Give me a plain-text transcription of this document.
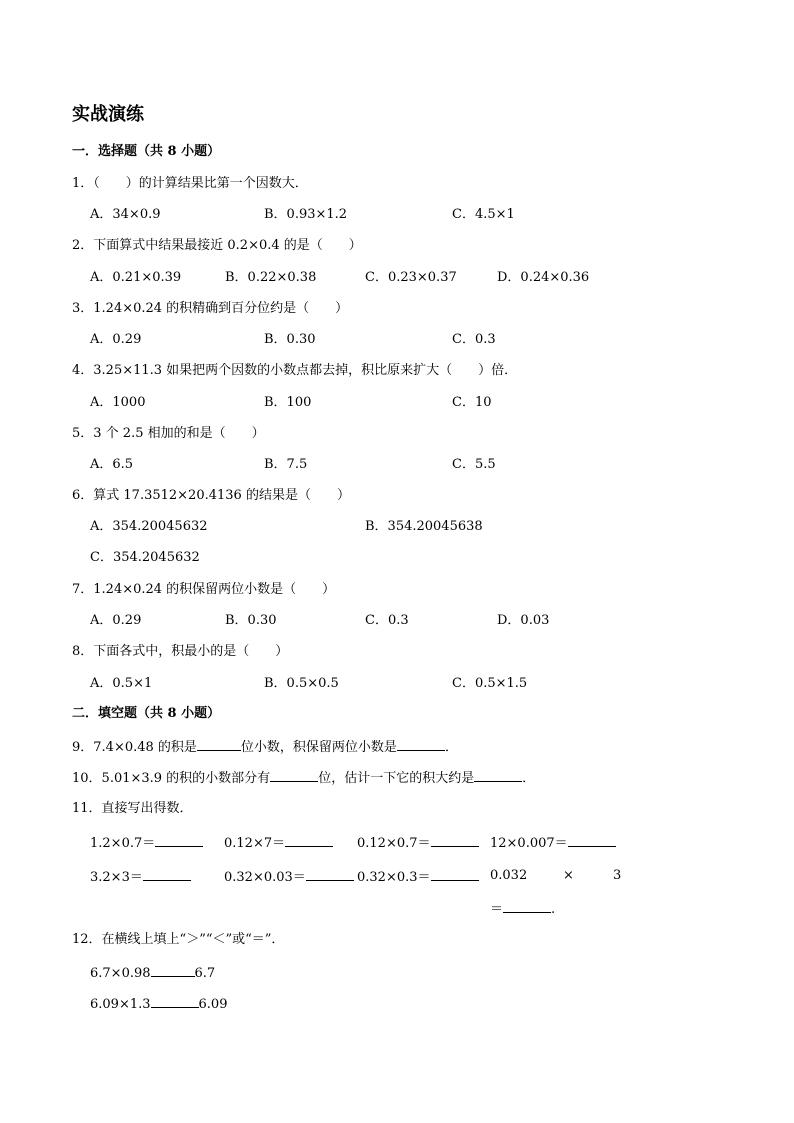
实战演练
一．选择题（共 8 小题）
1．（　　）的计算结果比第一个因数大．
A．34×0.9	B．0.93×1.2	C．4.5×1
2．下面算式中结果最接近 0.2×0.4 的是（　　）
A．0.21×0.39	B．0.22×0.38	C．0.23×0.37	D．0.24×0.36
3．1.24×0.24 的积精确到百分位约是（　　）
A．0.29	B．0.30	C．0.3
4．3.25×11.3 如果把两个因数的小数点都去掉，积比原来扩大（　　）倍．
A．1000	B．100	C．10
5．3 个 2.5 相加的和是（　　）
A．6.5	B．7.5	C．5.5
6．算式 17.3512×20.4136 的结果是（　　）
A．354.20045632	B．354.20045638
C．354.2045632
7．1.24×0.24 的积保留两位小数是（　　）
A．0.29	B．0.30	C．0.3	D．0.03
8．下面各式中，积最小的是（　　）
A．0.5×1	B．0.5×0.5	C．0.5×1.5
二．填空题（共 8 小题）
9．7.4×0.48 的积是	位小数，积保留两位小数是	．
10．5.01×3.9 的积的小数部分有	位，估计一下它的积大约是	．
11．直接写出得数．
1.2×0.7＝	0.12×7＝	0.12×0.7＝	12×0.007＝
3.2×3＝	0.32×0.03＝	0.32×0.3＝	0.032	×	3
＝	.
12．在横线上填上“＞”“＜”或“＝”．
6.7×0.98	6.7
6.09×1.3	6.09
